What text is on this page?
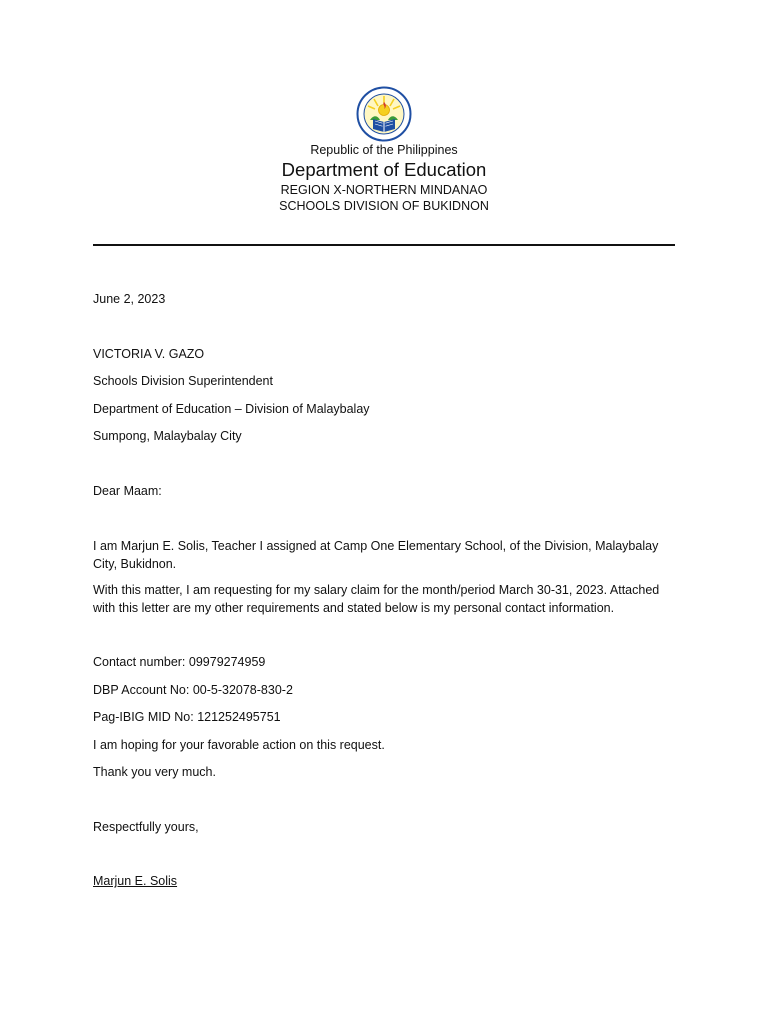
Republic of the Philippines

Department of Education

REGION X-NORTHERN MINDANAO

SCHOOLS DIVISION OF BUKIDNON

June 2, 2023

VICTORIA V. GAZO

Schools Division Superintendent

Department of Education – Division of Malaybalay

Sumpong, Malaybalay City

Dear Maam:

I am Marjun E. Solis, Teacher I assigned at Camp One Elementary School, of the Division, Malaybalay City, Bukidnon.

With this matter, I am requesting for my salary claim for the month/period March 30-31, 2023. Attached with this letter are my other requirements and stated below is my personal contact information.

Contact number: 09979274959

DBP Account No: 00-5-32078-830-2

Pag-IBIG MID No: 121252495751

I am hoping for your favorable action on this request.

Thank you very much.

Respectfully yours,

Marjun E. Solis
